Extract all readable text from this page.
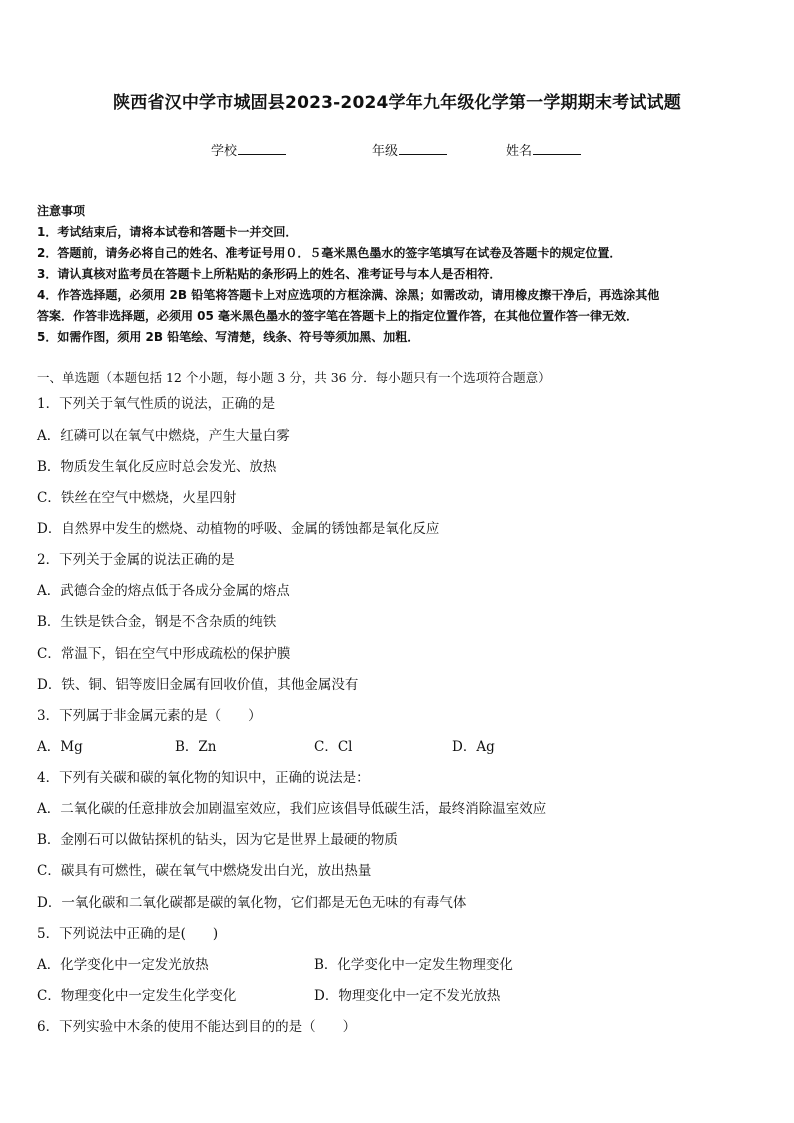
陕西省汉中学市城固县2023-2024学年九年级化学第一学期期末考试试题
学校	年级	姓名
注意事项
1．考试结束后，请将本试卷和答题卡一并交回．
2．答题前，请务必将自己的姓名、准考证号用０．５毫米黑色墨水的签字笔填写在试卷及答题卡的规定位置．
3．请认真核对监考员在答题卡上所粘贴的条形码上的姓名、准考证号与本人是否相符．
4．作答选择题，必须用 2B 铅笔将答题卡上对应选项的方框涂满、涂黑；如需改动，请用橡皮擦干净后，再选涂其他
答案．作答非选择题，必须用 05 毫米黑色墨水的签字笔在答题卡上的指定位置作答，在其他位置作答一律无效．
5．如需作图，须用 2B 铅笔绘、写清楚，线条、符号等须加黑、加粗．
一、单选题（本题包括 12 个小题，每小题 3 分，共 36 分．每小题只有一个选项符合题意）
1．下列关于氧气性质的说法，正确的是
A．红磷可以在氧气中燃烧，产生大量白雾
B．物质发生氧化反应时总会发光、放热
C．铁丝在空气中燃烧，火星四射
D．自然界中发生的燃烧、动植物的呼吸、金属的锈蚀都是氧化反应
2．下列关于金属的说法正确的是
A．武德合金的熔点低于各成分金属的熔点
B．生铁是铁合金，钢是不含杂质的纯铁
C．常温下，铝在空气中形成疏松的保护膜
D．铁、铜、铝等废旧金属有回收价值，其他金属没有
3．下列属于非金属元素的是（　　）
A．Mg	B．Zn	C．Cl	D．Ag
4．下列有关碳和碳的氧化物的知识中，正确的说法是：
A．二氧化碳的任意排放会加剧温室效应，我们应该倡导低碳生活，最终消除温室效应
B．金刚石可以做钻探机的钻头，因为它是世界上最硬的物质
C．碳具有可燃性，碳在氧气中燃烧发出白光，放出热量
D．一氧化碳和二氧化碳都是碳的氧化物，它们都是无色无味的有毒气体
5．下列说法中正确的是(　　)
A．化学变化中一定发光放热	B．化学变化中一定发生物理变化
C．物理变化中一定发生化学变化	D．物理变化中一定不发光放热
6．下列实验中木条的使用不能达到目的的是（　　）
